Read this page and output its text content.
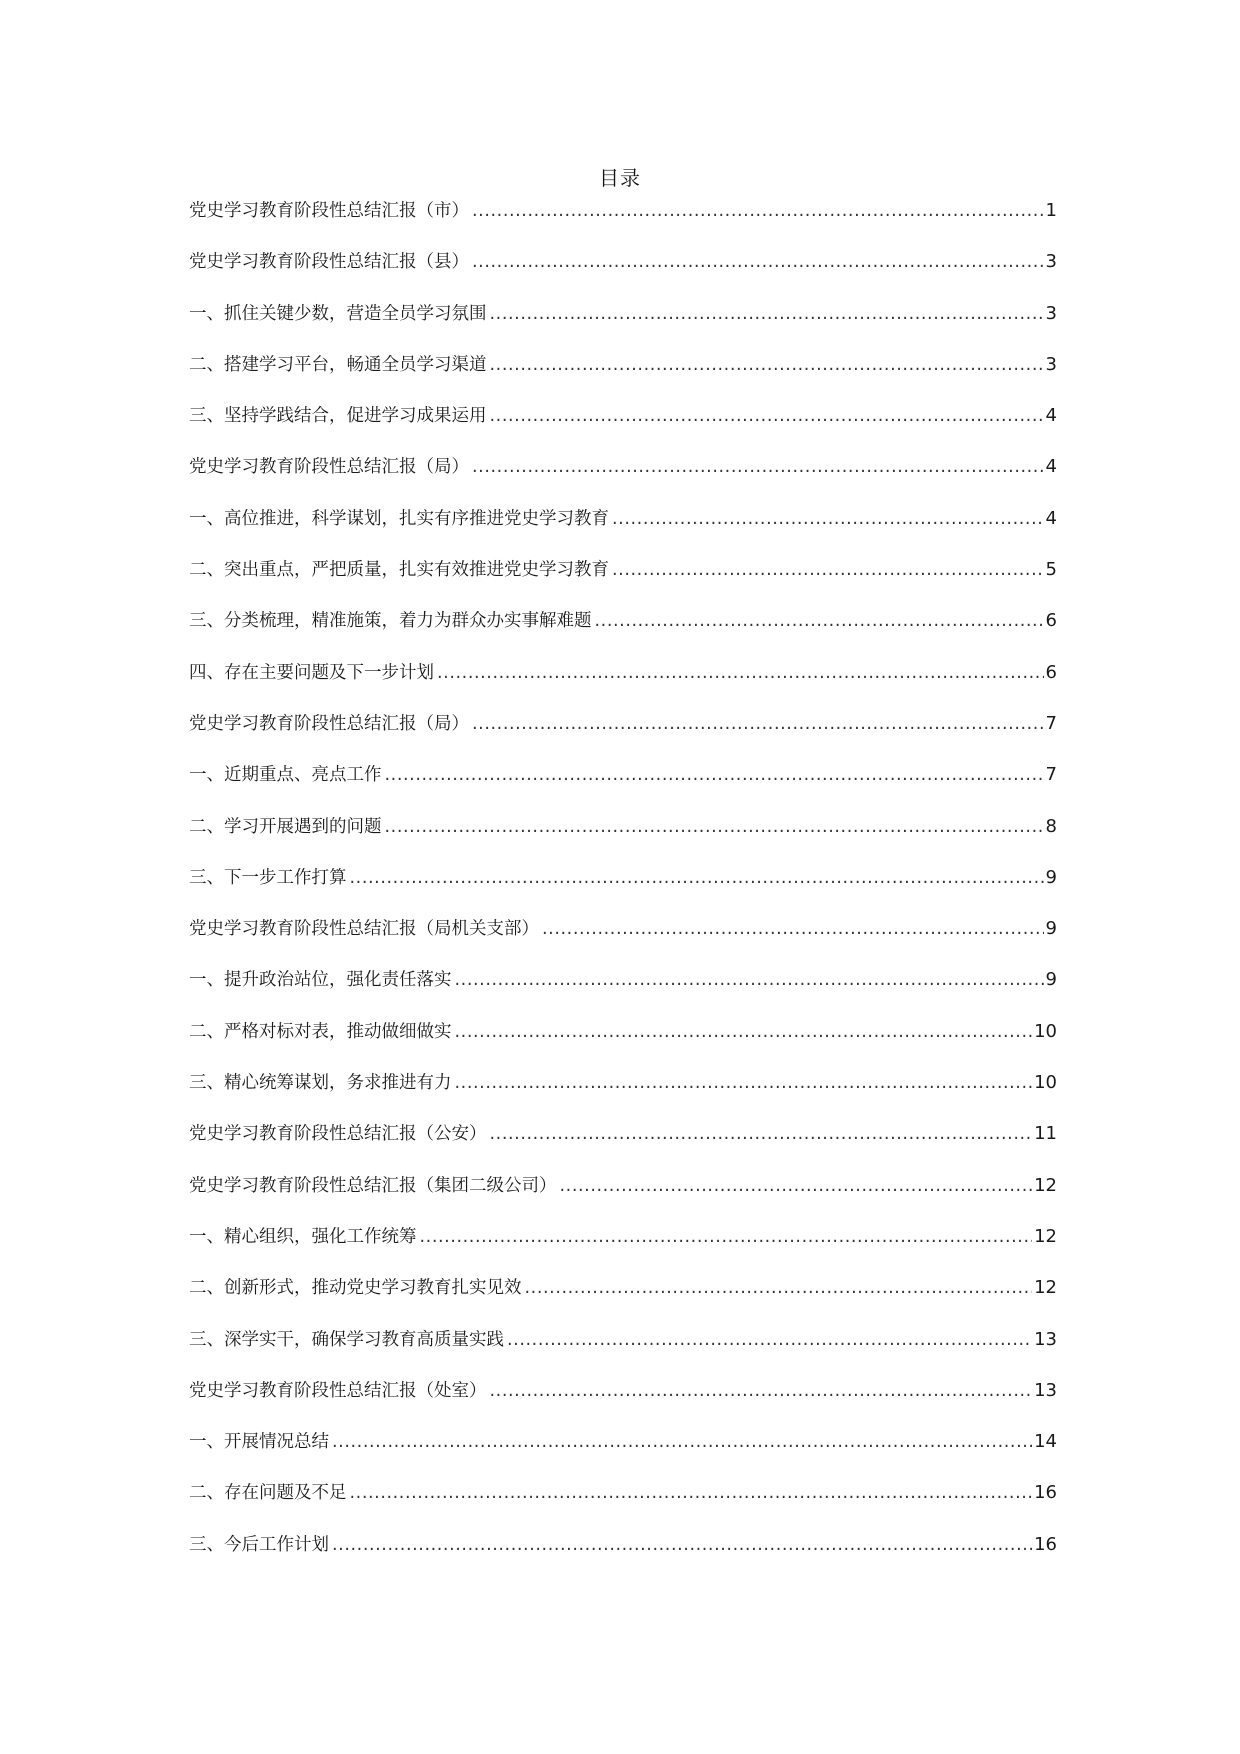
目录
党史学习教育阶段性总结汇报（市） .....	1
党史学习教育阶段性总结汇报（县） .....	3
一、抓住关键少数，营造全员学习氛围 .....	3
二、搭建学习平台，畅通全员学习渠道 .....	3
三、坚持学践结合，促进学习成果运用 .....	4
党史学习教育阶段性总结汇报（局） .....	4
一、高位推进，科学谋划，扎实有序推进党史学习教育 .....	4
二、突出重点，严把质量，扎实有效推进党史学习教育 .....	5
三、分类梳理，精准施策，着力为群众办实事解难题 .....	6
四、存在主要问题及下一步计划 .....	6
党史学习教育阶段性总结汇报（局） .....	7
一、近期重点、亮点工作 .....	7
二、学习开展遇到的问题 .....	8
三、下一步工作打算 .....	9
党史学习教育阶段性总结汇报（局机关支部） .....	9
一、提升政治站位，强化责任落实 .....	9
二、严格对标对表，推动做细做实 .....	10
三、精心统筹谋划，务求推进有力 .....	10
党史学习教育阶段性总结汇报（公安） .....	11
党史学习教育阶段性总结汇报（集团二级公司） .....	12
一、精心组织，强化工作统筹 .....	12
二、创新形式，推动党史学习教育扎实见效 .....	12
三、深学实干，确保学习教育高质量实践 .....	13
党史学习教育阶段性总结汇报（处室） .....	13
一、开展情况总结 .....	14
二、存在问题及不足 .....	16
三、今后工作计划 .....	16
